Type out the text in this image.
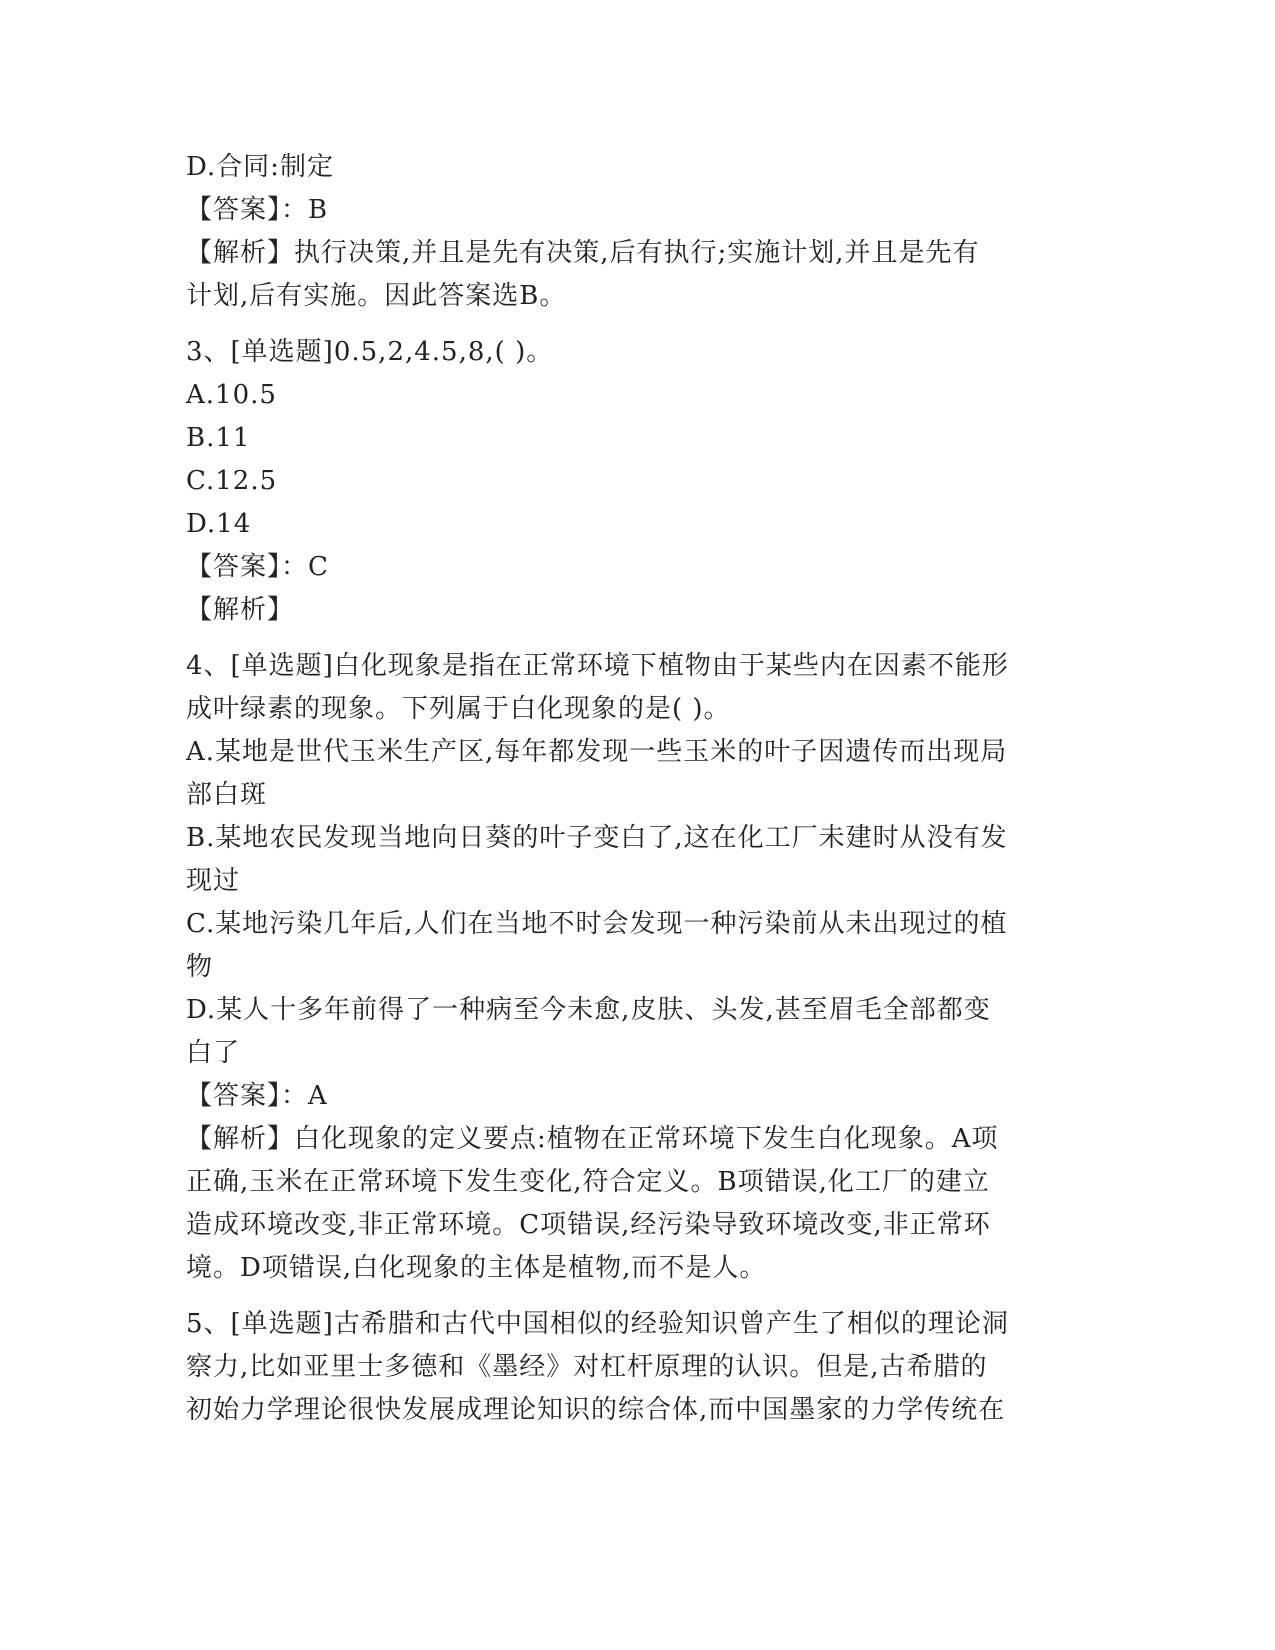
D.合同:制定
【答案】：B
【解析】执行决策,并且是先有决策,后有执行;实施计划,并且是先有
计划,后有实施。因此答案选B。
3、[单选题]0.5,2,4.5,8,( )。
A.10.5
B.11
C.12.5
D.14
【答案】：C
【解析】
4、[单选题]白化现象是指在正常环境下植物由于某些内在因素不能形
成叶绿素的现象。下列属于白化现象的是( )。
A.某地是世代玉米生产区,每年都发现一些玉米的叶子因遗传而出现局
部白斑
B.某地农民发现当地向日葵的叶子变白了,这在化工厂未建时从没有发
现过
C.某地污染几年后,人们在当地不时会发现一种污染前从未出现过的植
物
D.某人十多年前得了一种病至今未愈,皮肤、头发,甚至眉毛全部都变
白了
【答案】：A
【解析】白化现象的定义要点:植物在正常环境下发生白化现象。A项
正确,玉米在正常环境下发生变化,符合定义。B项错误,化工厂的建立
造成环境改变,非正常环境。C项错误,经污染导致环境改变,非正常环
境。D项错误,白化现象的主体是植物,而不是人。
5、[单选题]古希腊和古代中国相似的经验知识曾产生了相似的理论洞
察力,比如亚里士多德和《墨经》对杠杆原理的认识。但是,古希腊的
初始力学理论很快发展成理论知识的综合体,而中国墨家的力学传统在
